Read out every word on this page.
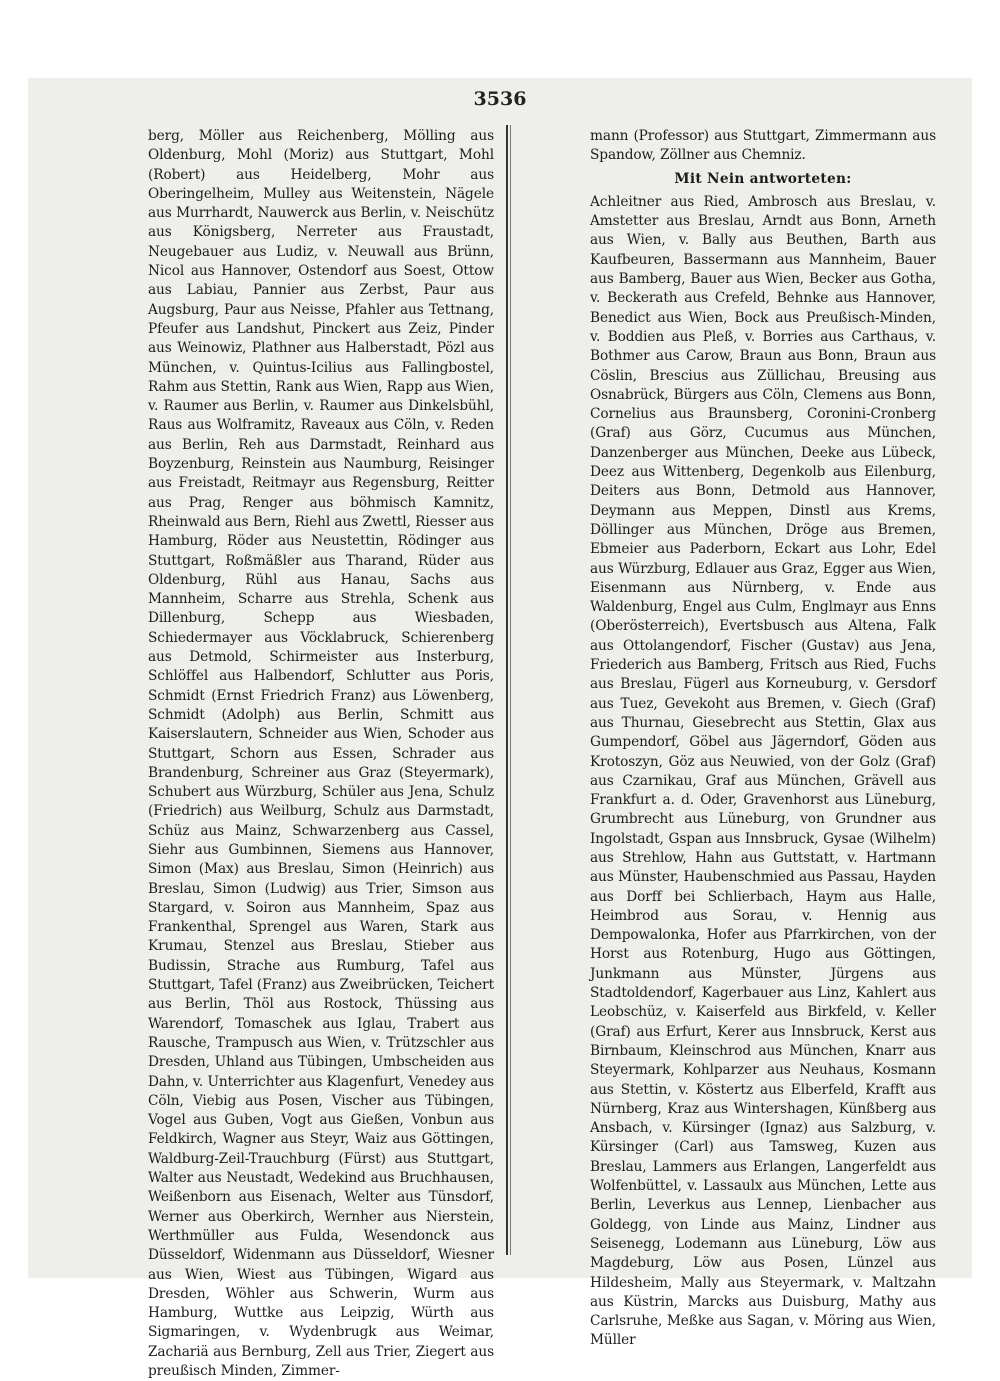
3536

berg, Möller aus Reichenberg, Mölling aus Oldenburg, Mohl (Moriz) aus Stuttgart, Mohl (Robert) aus Heidelberg, Mohr aus Oberingelheim, Mulley aus Weitenstein, Nägele aus Murrhardt, Nauwerck aus Berlin, v. Neischütz aus Königsberg, Nerreter aus Fraustadt, Neugebauer aus Ludiz, v. Neuwall aus Brünn, Nicol aus Hannover, Ostendorf aus Soest, Ottow aus Labiau, Pannier aus Zerbst, Paur aus Augsburg, Paur aus Neisse, Pfahler aus Tettnang, Pfeufer aus Landshut, Pinckert aus Zeiz, Pinder aus Weinowiz, Plathner aus Halberstadt, Pözl aus München, v. Quintus-Icilius aus Fallingbostel, Rahm aus Stettin, Rank aus Wien, Rapp aus Wien, v. Raumer aus Berlin, v. Raumer aus Dinkelsbühl, Raus aus Wolframitz, Raveaux aus Cöln, v. Reden aus Berlin, Reh aus Darmstadt, Reinhard aus Boyzenburg, Reinstein aus Naumburg, Reisinger aus Freistadt, Reitmayr aus Regensburg, Reitter aus Prag, Renger aus böhmisch Kamnitz, Rheinwald aus Bern, Riehl aus Zwettl, Riesser aus Hamburg, Röder aus Neustettin, Rödinger aus Stuttgart, Roßmäßler aus Tharand, Rüder aus Oldenburg, Rühl aus Hanau, Sachs aus Mannheim, Scharre aus Strehla, Schenk aus Dillenburg, Schepp aus Wiesbaden, Schiedermayer aus Vöcklabruck, Schierenberg aus Detmold, Schirmeister aus Insterburg, Schlöffel aus Halbendorf, Schlutter aus Poris, Schmidt (Ernst Friedrich Franz) aus Löwenberg, Schmidt (Adolph) aus Berlin, Schmitt aus Kaiserslautern, Schneider aus Wien, Schoder aus Stuttgart, Schorn aus Essen, Schrader aus Brandenburg, Schreiner aus Graz (Steyermark), Schubert aus Würzburg, Schüler aus Jena, Schulz (Friedrich) aus Weilburg, Schulz aus Darmstadt, Schüz aus Mainz, Schwarzenberg aus Cassel, Siehr aus Gumbinnen, Siemens aus Hannover, Simon (Max) aus Breslau, Simon (Heinrich) aus Breslau, Simon (Ludwig) aus Trier, Simson aus Stargard, v. Soiron aus Mannheim, Spaz aus Frankenthal, Sprengel aus Waren, Stark aus Krumau, Stenzel aus Breslau, Stieber aus Budissin, Strache aus Rumburg, Tafel aus Stuttgart, Tafel (Franz) aus Zweibrücken, Teichert aus Berlin, Thöl aus Rostock, Thüssing aus Warendorf, Tomaschek aus Iglau, Trabert aus Rausche, Trampusch aus Wien, v. Trützschler aus Dresden, Uhland aus Tübingen, Umbscheiden aus Dahn, v. Unterrichter aus Klagenfurt, Venedey aus Cöln, Viebig aus Posen, Vischer aus Tübingen, Vogel aus Guben, Vogt aus Gießen, Vonbun aus Feldkirch, Wagner aus Steyr, Waiz aus Göttingen, Waldburg-Zeil-Trauchburg (Fürst) aus Stuttgart, Walter aus Neustadt, Wedekind aus Bruchhausen, Weißenborn aus Eisenach, Welter aus Tünsdorf, Werner aus Oberkirch, Wernher aus Nierstein, Werthmüller aus Fulda, Wesendonck aus Düsseldorf, Widenmann aus Düsseldorf, Wiesner aus Wien, Wiest aus Tübingen, Wigard aus Dresden, Wöhler aus Schwerin, Wurm aus Hamburg, Wuttke aus Leipzig, Würth aus Sigmaringen, v. Wydenbrugk aus Weimar, Zachariä aus Bernburg, Zell aus Trier, Ziegert aus preußisch Minden, Zimmer-

mann (Professor) aus Stuttgart, Zimmermann aus Spandow, Zöllner aus Chemniz.

Mit Nein antworteten:

Achleitner aus Ried, Ambrosch aus Breslau, v. Amstetter aus Breslau, Arndt aus Bonn, Arneth aus Wien, v. Bally aus Beuthen, Barth aus Kaufbeuren, Bassermann aus Mannheim, Bauer aus Bamberg, Bauer aus Wien, Becker aus Gotha, v. Beckerath aus Crefeld, Behnke aus Hannover, Benedict aus Wien, Bock aus Preußisch-Minden, v. Boddien aus Pleß, v. Borries aus Carthaus, v. Bothmer aus Carow, Braun aus Bonn, Braun aus Cöslin, Brescius aus Züllichau, Breusing aus Osnabrück, Bürgers aus Cöln, Clemens aus Bonn, Cornelius aus Braunsberg, Coronini-Cronberg (Graf) aus Görz, Cucumus aus München, Danzenberger aus München, Deeke aus Lübeck, Deez aus Wittenberg, Degenkolb aus Eilenburg, Deiters aus Bonn, Detmold aus Hannover, Deymann aus Meppen, Dinstl aus Krems, Döllinger aus München, Dröge aus Bremen, Ebmeier aus Paderborn, Eckart aus Lohr, Edel aus Würzburg, Edlauer aus Graz, Egger aus Wien, Eisenmann aus Nürnberg, v. Ende aus Waldenburg, Engel aus Culm, Englmayr aus Enns (Oberösterreich), Evertsbusch aus Altena, Falk aus Ottolangendorf, Fischer (Gustav) aus Jena, Friederich aus Bamberg, Fritsch aus Ried, Fuchs aus Breslau, Fügerl aus Korneuburg, v. Gersdorf aus Tuez, Gevekoht aus Bremen, v. Giech (Graf) aus Thurnau, Giesebrecht aus Stettin, Glax aus Gumpendorf, Göbel aus Jägerndorf, Göden aus Krotoszyn, Göz aus Neuwied, von der Golz (Graf) aus Czarnikau, Graf aus München, Grävell aus Frankfurt a. d. Oder, Gravenhorst aus Lüneburg, Grumbrecht aus Lüneburg, von Grundner aus Ingolstadt, Gspan aus Innsbruck, Gysae (Wilhelm) aus Strehlow, Hahn aus Guttstatt, v. Hartmann aus Münster, Haubenschmied aus Passau, Hayden aus Dorff bei Schlierbach, Haym aus Halle, Heimbrod aus Sorau, v. Hennig aus Dempowalonka, Hofer aus Pfarrkirchen, von der Horst aus Rotenburg, Hugo aus Göttingen, Junkmann aus Münster, Jürgens aus Stadtoldendorf, Kagerbauer aus Linz, Kahlert aus Leobschüz, v. Kaiserfeld aus Birkfeld, v. Keller (Graf) aus Erfurt, Kerer aus Innsbruck, Kerst aus Birnbaum, Kleinschrod aus München, Knarr aus Steyermark, Kohlparzer aus Neuhaus, Kosmann aus Stettin, v. Köstertz aus Elberfeld, Krafft aus Nürnberg, Kraz aus Wintershagen, Künßberg aus Ansbach, v. Kürsinger (Ignaz) aus Salzburg, v. Kürsinger (Carl) aus Tamsweg, Kuzen aus Breslau, Lammers aus Erlangen, Langerfeldt aus Wolfenbüttel, v. Lassaulx aus München, Lette aus Berlin, Leverkus aus Lennep, Lienbacher aus Goldegg, von Linde aus Mainz, Lindner aus Seisenegg, Lodemann aus Lüneburg, Löw aus Magdeburg, Löw aus Posen, Lünzel aus Hildesheim, Mally aus Steyermark, v. Maltzahn aus Küstrin, Marcks aus Duisburg, Mathy aus Carlsruhe, Meßke aus Sagan, v. Möring aus Wien, Müller
